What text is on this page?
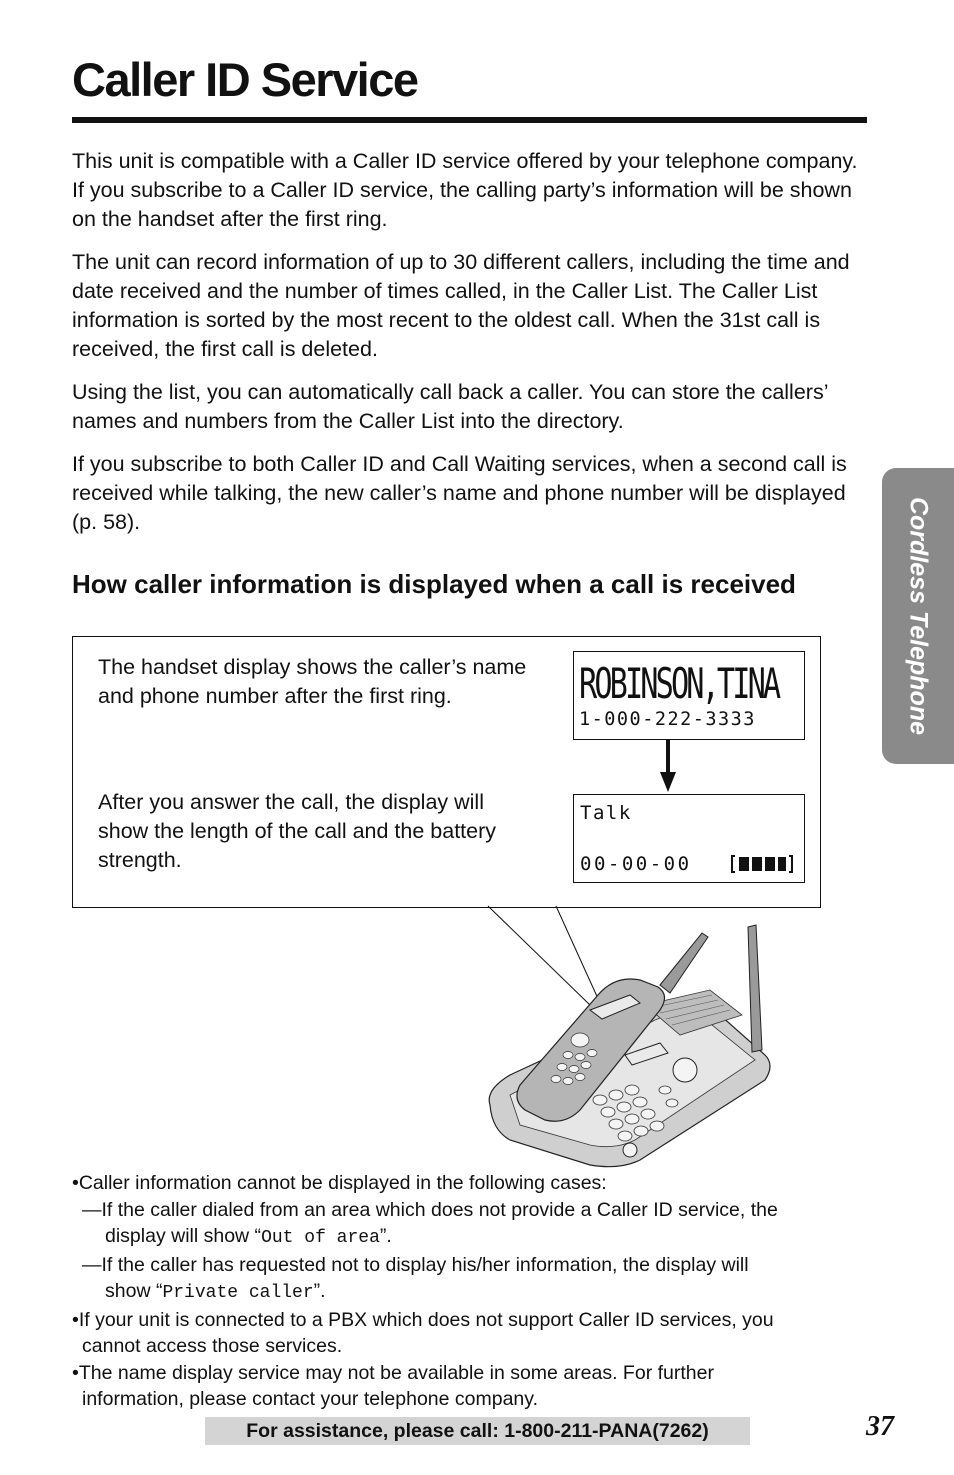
Caller ID Service

This unit is compatible with a Caller ID service offered by your telephone company. If you subscribe to a Caller ID service, the calling party’s information will be shown on the handset after the first ring.

The unit can record information of up to 30 different callers, including the time and date received and the number of times called, in the Caller List. The Caller List information is sorted by the most recent to the oldest call. When the 31st call is received, the first call is deleted.

Using the list, you can automatically call back a caller. You can store the callers’ names and numbers from the Caller List into the directory.

If you subscribe to both Caller ID and Call Waiting services, when a second call is received while talking, the new caller’s name and phone number will be displayed (p. 58).	Cordless Telephone
How caller information is displayed when a call is received

The handset display shows the caller’s name and phone number after the first ring.

After you answer the call, the display will show the length of the call and the battery strength.

ROBINSON,TINA
1-000-222-3333
Talk
00-00-00

•Caller information cannot be displayed in the following cases:

—If the caller dialed from an area which does not provide a Caller ID service, the

display will show “Out of area”.

—If the caller has requested not to display his/her information, the display will

show “Private caller”.

•If your unit is connected to a PBX which does not support Caller ID services, you

cannot access those services.

•The name display service may not be available in some areas. For further

information, please contact your telephone company.

For assistance, please call: 1-800-211-PANA(7262)	37
